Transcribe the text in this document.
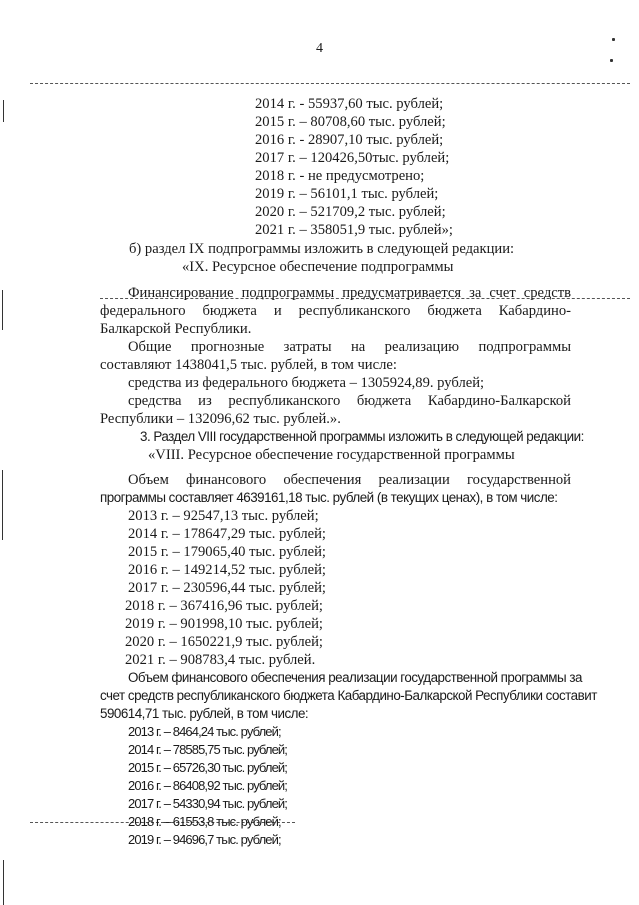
4
2014 г. - 55937,60 тыс. рублей;
2015 г. – 80708,60 тыс. рублей;
2016 г. - 28907,10 тыс. рублей;
2017 г. – 120426,50тыс. рублей;
2018 г. - не предусмотрено;
2019 г. – 56101,1 тыс. рублей;
2020 г. – 521709,2 тыс. рублей;
2021 г. – 358051,9 тыс. рублей»;
б) раздел IX подпрограммы изложить в следующей редакции:
«IX. Ресурсное обеспечение подпрограммы
Финансирование подпрограммы предусматривается за счет средств
федерального бюджета и республиканского бюджета Кабардино-
Балкарской Республики.
Общие прогнозные затраты на реализацию подпрограммы
составляют 1438041,5 тыс. рублей, в том числе:
средства из федерального бюджета – 1305924,89. рублей;
средства из республиканского бюджета Кабардино-Балкарской
Республики – 132096,62 тыс. рублей.».
3. Раздел VIII государственной программы изложить в следующей редакции:
«VIII. Ресурсное обеспечение государственной программы
Объем финансового обеспечения реализации государственной
программы составляет 4639161,18 тыс. рублей (в текущих ценах), в том числе:
2013 г. – 92547,13 тыс. рублей;
2014 г. – 178647,29 тыс. рублей;
2015 г. – 179065,40 тыс. рублей;
2016 г. – 149214,52 тыс. рублей;
2017 г. – 230596,44 тыс. рублей;
2018 г. – 367416,96 тыс. рублей;
2019 г. – 901998,10 тыс. рублей;
2020 г. – 1650221,9 тыс. рублей;
2021 г. – 908783,4 тыс. рублей.
Объем финансового обеспечения реализации государственной программы за
счет средств республиканского бюджета Кабардино-Балкарской Республики составит
590614,71 тыс. рублей, в том числе:
2013 г. – 8464,24 тыс. рублей;
2014 г. – 78585,75 тыс. рублей;
2015 г. – 65726,30 тыс. рублей;
2016 г. – 86408,92 тыс. рублей;
2017 г. – 54330,94 тыс. рублей;
2018 г. – 61553,8 тыс. рублей;
2019 г. – 94696,7 тыс. рублей;
